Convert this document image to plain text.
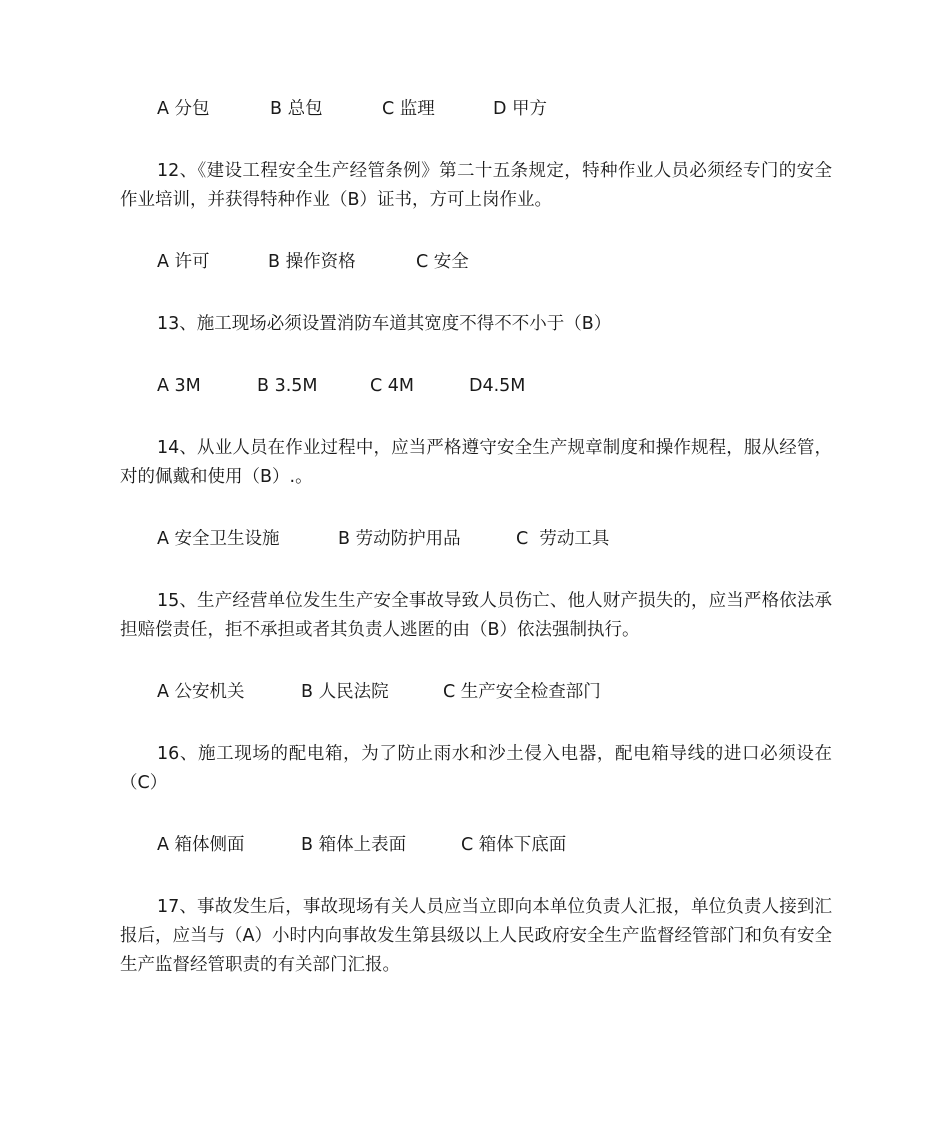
A 分包	B 总包	C 监理	D 甲方

12、《建设工程安全生产经管条例》第二十五条规定，特种作业人员必须经专门的安全作业培训，并获得特种作业（B）证书，方可上岗作业。

A 许可	B 操作资格	C 安全

13、施工现场必须设置消防车道其宽度不得不不小于（B）

A 3M	B 3.5M	C 4M	D4.5M

14、从业人员在作业过程中，应当严格遵守安全生产规章制度和操作规程，服从经管，对的佩戴和使用（B）.。

A 安全卫生设施	B 劳动防护用品	C  劳动工具

15、生产经营单位发生生产安全事故导致人员伤亡、他人财产损失的，应当严格依法承担赔偿责任，拒不承担或者其负责人逃匿的由（B）依法强制执行。

A 公安机关	B 人民法院	C 生产安全检查部门

16、施工现场的配电箱，为了防止雨水和沙土侵入电器，配电箱导线的进口必须设在（C）

A 箱体侧面	B 箱体上表面	C 箱体下底面

17、事故发生后，事故现场有关人员应当立即向本单位负责人汇报，单位负责人接到汇报后，应当与（A）小时内向事故发生第县级以上人民政府安全生产监督经管部门和负有安全生产监督经管职责的有关部门汇报。
